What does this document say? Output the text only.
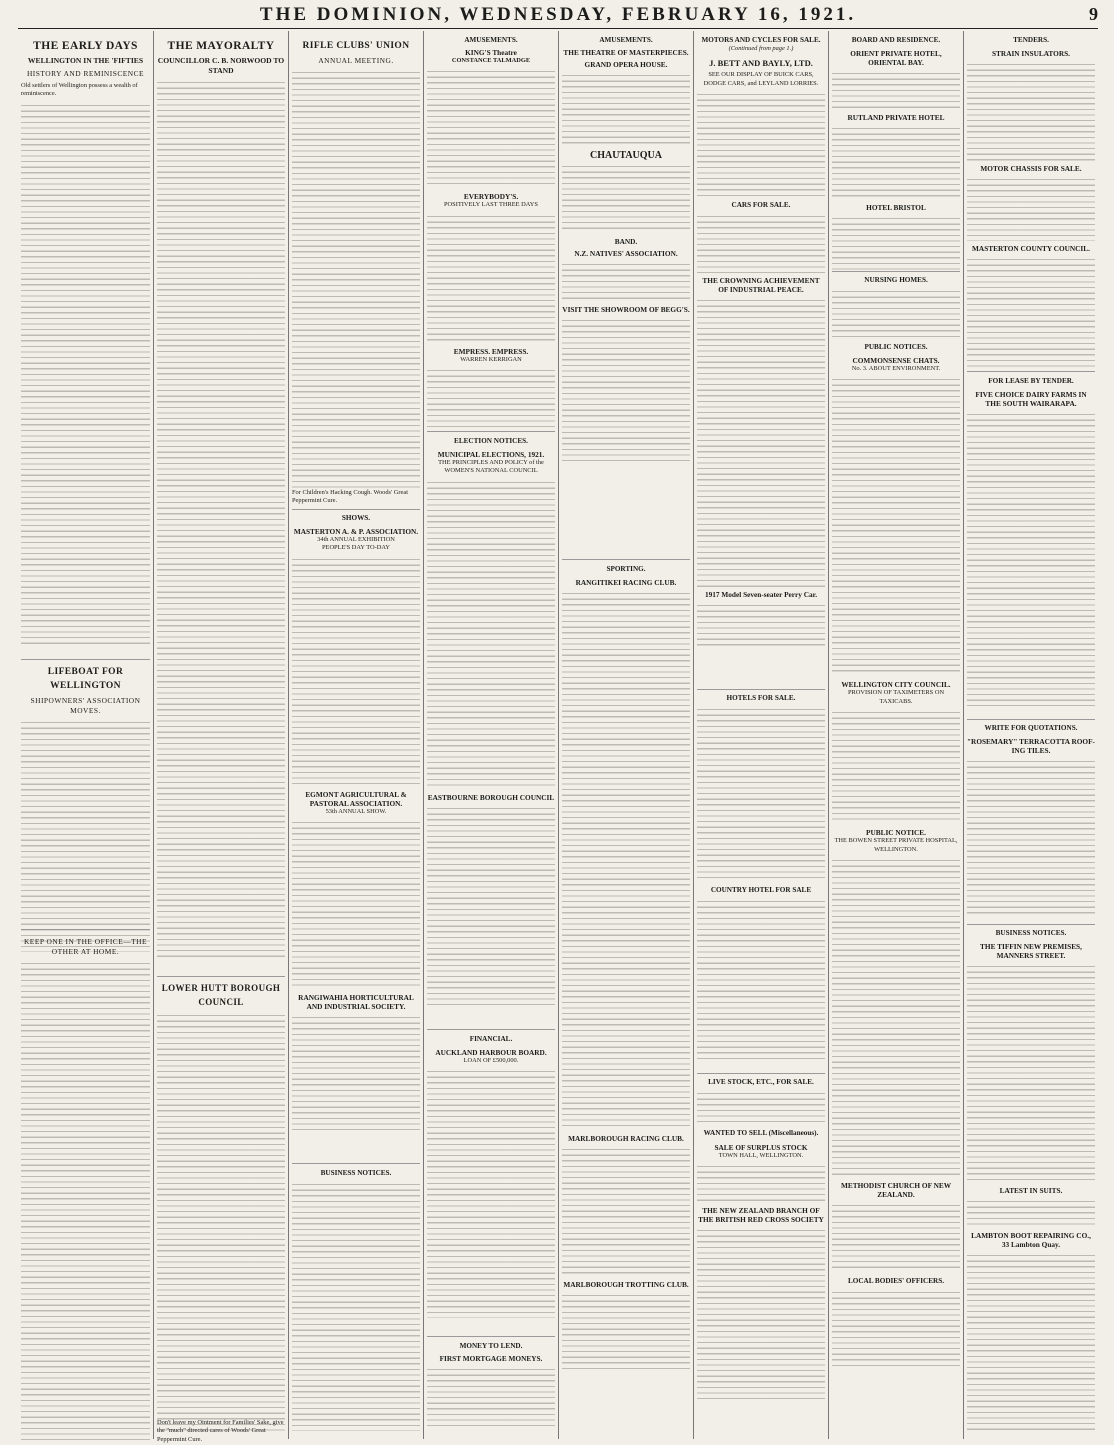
THE DOMINION, WEDNESDAY, FEBRUARY 16, 1921.	9
THE EARLY DAYS
WELLINGTON IN THE 'FIFTIES
HISTORY AND REMINISCENCE
Old settlers of Wellington possess a wealth of reminiscence.
LIFEBOAT FOR WELLINGTON
SHIPOWNERS' ASSOCIATION MOVES.
KEEP ONE IN THE OFFICE—THE OTHER AT HOME.
THE MAYORALTY
COUNCILLOR C. B. NORWOOD TO STAND
LOWER HUTT BOROUGH COUNCIL
Don't leave my Ointment for Families' Sake, give the "much" directed cares of Woods' Great Peppermint Cure.
RIFLE CLUBS' UNION
ANNUAL MEETING.
For Children's Hacking Cough. Woods' Great Peppermint Cure.
SHOWS.
MASTERTON A. & P. ASSOCIATION.
34th ANNUAL EXHIBITION
PEOPLE'S DAY TO-DAY
EGMONT AGRICULTURAL & PASTORAL ASSOCIATION.
53th ANNUAL SHOW.
RANGIWAHIA HORTICULTURAL AND INDUSTRIAL SOCIETY.
BUSINESS NOTICES.
AMUSEMENTS.
KING'S Theatre
CONSTANCE TALMADGE
EVERYBODY'S.
POSITIVELY LAST THREE DAYS
EMPRESS. EMPRESS.
WARREN KERRIGAN
ELECTION NOTICES.
MUNICIPAL ELECTIONS, 1921.
THE PRINCIPLES AND POLICY of the WOMEN'S NATIONAL COUNCIL
EASTBOURNE BOROUGH COUNCIL
FINANCIAL.
AUCKLAND HARBOUR BOARD.
LOAN OF £500,000.
MONEY TO LEND.
FIRST MORTGAGE MONEYS.
AMUSEMENTS.
THE THEATRE OF MASTERPIECES.
GRAND OPERA HOUSE.
CHAUTAUQUA
BAND.
N.Z. NATIVES' ASSOCIATION.
VISIT THE SHOWROOM OF BEGG'S.
SPORTING.
RANGITIKEI RACING CLUB.
MARLBOROUGH RACING CLUB.
MARLBOROUGH TROTTING CLUB.
MOTORS AND CYCLES FOR SALE.
(Continued from page 1.)
J. BETT AND BAYLY, LTD.
SEE OUR DISPLAY OF BUICK CARS, DODGE CARS, and LEYLAND LORRIES.
CARS FOR SALE.
THE CROWNING ACHIEVEMENT OF INDUSTRIAL PEACE.
1917 Model Seven-seater Perry Car.
HOTELS FOR SALE.
COUNTRY HOTEL FOR SALE
LIVE STOCK, ETC., FOR SALE.
WANTED TO SELL (Miscellaneous).
SALE OF SURPLUS STOCK
TOWN HALL, WELLINGTON.
THE NEW ZEALAND BRANCH OF THE BRITISH RED CROSS SOCIETY
BOARD AND RESIDENCE.
ORIENT PRIVATE HOTEL, ORIENTAL BAY.
RUTLAND PRIVATE HOTEL
HOTEL BRISTOL
NURSING HOMES.
PUBLIC NOTICES.
COMMONSENSE CHATS.
No. 3. ABOUT ENVIRONMENT.
WELLINGTON CITY COUNCIL.
PROVISION OF TAXIMETERS ON TAXICABS.
PUBLIC NOTICE.
THE BOWEN STREET PRIVATE HOSPITAL, WELLINGTON.
METHODIST CHURCH OF NEW ZEALAND.
LOCAL BODIES' OFFICERS.
TENDERS.
STRAIN INSULATORS.
MOTOR CHASSIS FOR SALE.
MASTERTON COUNTY COUNCIL.
FOR LEASE BY TENDER.
FIVE CHOICE DAIRY FARMS IN THE SOUTH WAIRARAPA.
WRITE FOR QUOTATIONS.
"ROSEMARY" TERRACOTTA ROOF-ING TILES.
BUSINESS NOTICES.
THE TIFFIN NEW PREMISES, MANNERS STREET.
LATEST IN SUITS.
LAMBTON BOOT REPAIRING CO., 33 Lambton Quay.
